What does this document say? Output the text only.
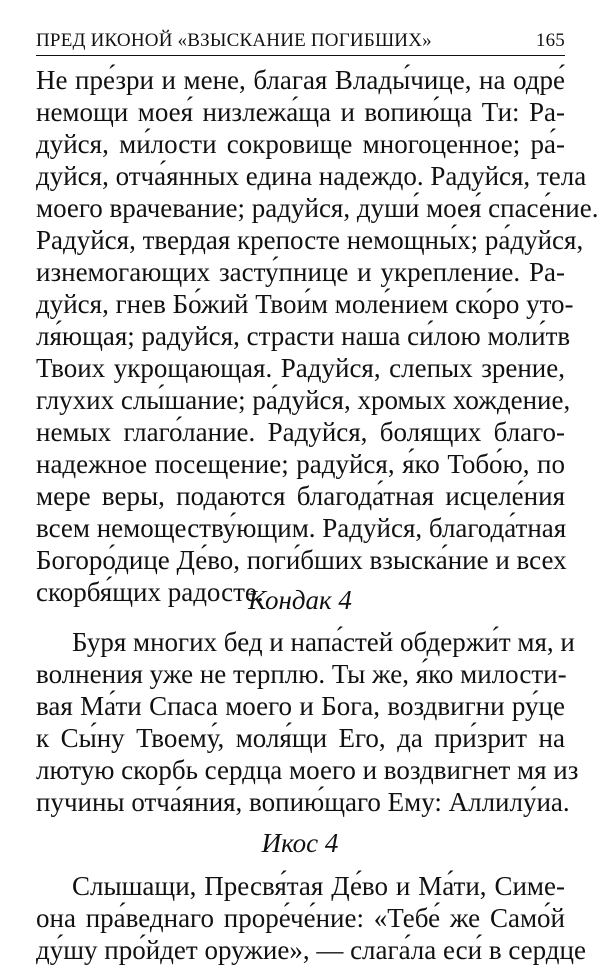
ПРЕД ИКОНОЙ «ВЗЫСКАНИЕ ПОГИБШИХ»	165
Не пре́зри и мене, благая Влады́чице, на одре́
немощи моея́ низлежа́ща и вопию́ща Ти: Ра-
дуйся, ми́лости сокровище многоценное; ра́-
дуйся, отча́янных едина надеждо. Радуйся, тела
моего врачевание; радуйся, души́ моея́ спасе́ние.
Радуйся, твердая крепосте немощны́х; ра́дуйся,
изнемогающих засту́пнице и укрепление. Ра-
дуйся, гнев Бо́жий Твои́м моле́нием ско́ро уто-
ля́ющая; радуйся, страсти наша си́лою моли́тв
Твоих укрощающая. Радуйся, слепых зрение,
глухих слы́шание; ра́дуйся, хромых хождение,
немых глаго́лание. Радуйся, болящих благо-
надежное посещение; радуйся, я́ко Тобо́ю, по
мере веры, подаются благода́тная исцеле́ния
всем немоществу́ющим. Радуйся, благода́тная
Богоро́дице Де́во, поги́бших взыска́ние и всех
скорбя́щих радосте.
Кондак 4
Буря многих бед и напа́стей обдержи́т мя, и
волнения уже не терплю. Ты же, я́ко милости-
вая Ма́ти Спаса моего и Бога, воздвигни ру́це
к Сы́ну Твоему́, моля́щи Его, да при́зрит на
лютую скорбь сердца моего и воздвигнет мя из
пучины отча́яния, вопию́щаго Ему: Аллилу́иа.
Икос 4
Слышащи, Пресвя́тая Де́во и Ма́ти, Симе-
она пра́веднаго проре́че́ние: «Тебе́ же Само́й
ду́шу про́йдет оружие», — слага́ла еси́ в сердце
